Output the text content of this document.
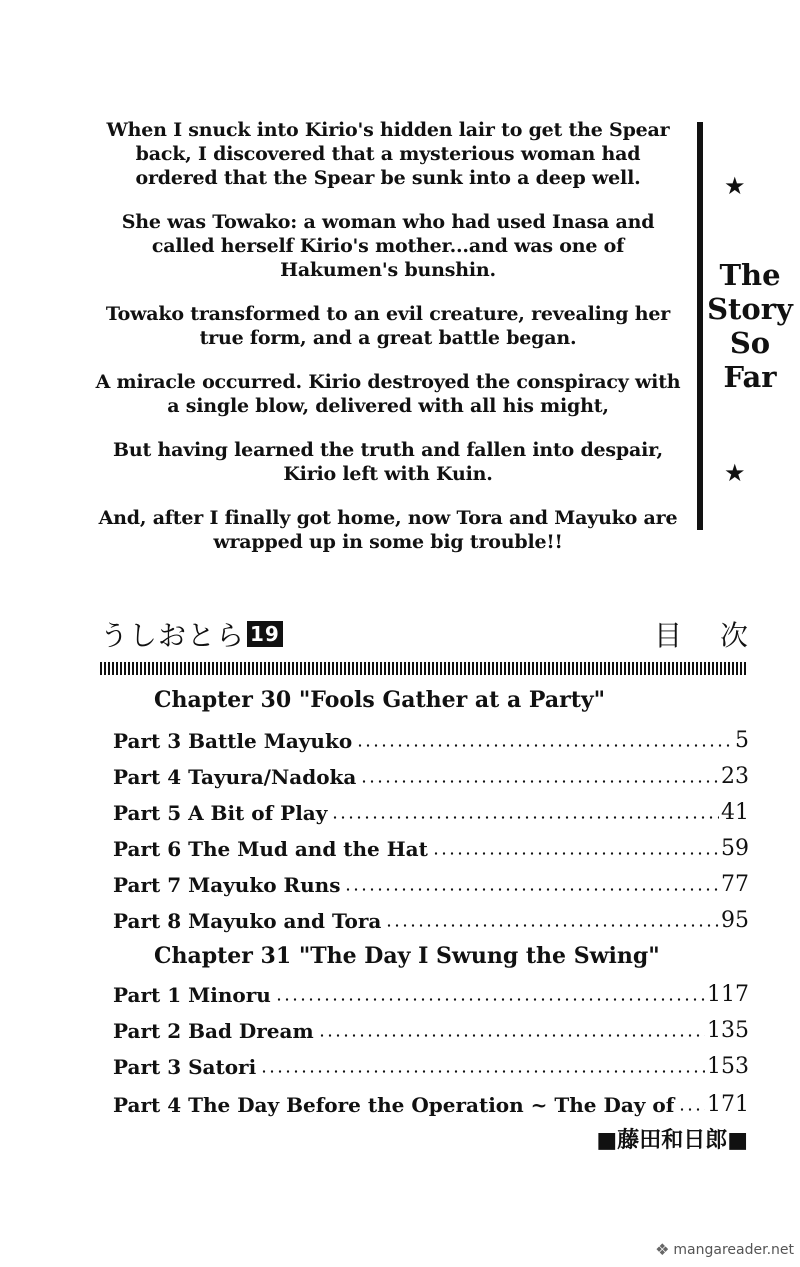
When I snuck into Kirio's hidden lair to get the Spear back, I discovered that a mysterious woman had ordered that the Spear be sunk into a deep well.

She was Towako: a woman who had used Inasa and called herself Kirio's mother...and was one of Hakumen's bunshin.

Towako transformed to an evil creature, revealing her true form, and a great battle began.

A miracle occurred. Kirio destroyed the conspiracy with a single blow, delivered with all his might,

But having learned the truth and fallen into despair, Kirio left with Kuin.

And, after I finally got home, now Tora and Mayuko are wrapped up in some big trouble!!

★
The
Story
So
Far
★
うしおとら 19	目次
Chapter 30 "Fools Gather at a Party"
Part 3 Battle Mayuko	5
Part 4 Tayura/Nadoka	23
Part 5 A Bit of Play	41
Part 6 The Mud and the Hat	59
Part 7 Mayuko Runs	77
Part 8 Mayuko and Tora	95
Chapter 31 "The Day I Swung the Swing"
Part 1 Minoru	117
Part 2 Bad Dream	135
Part 3 Satori	153
Part 4 The Day Before the Operation ~ The Day of 171
■藤田和日郎■
❖ mangareader.net
